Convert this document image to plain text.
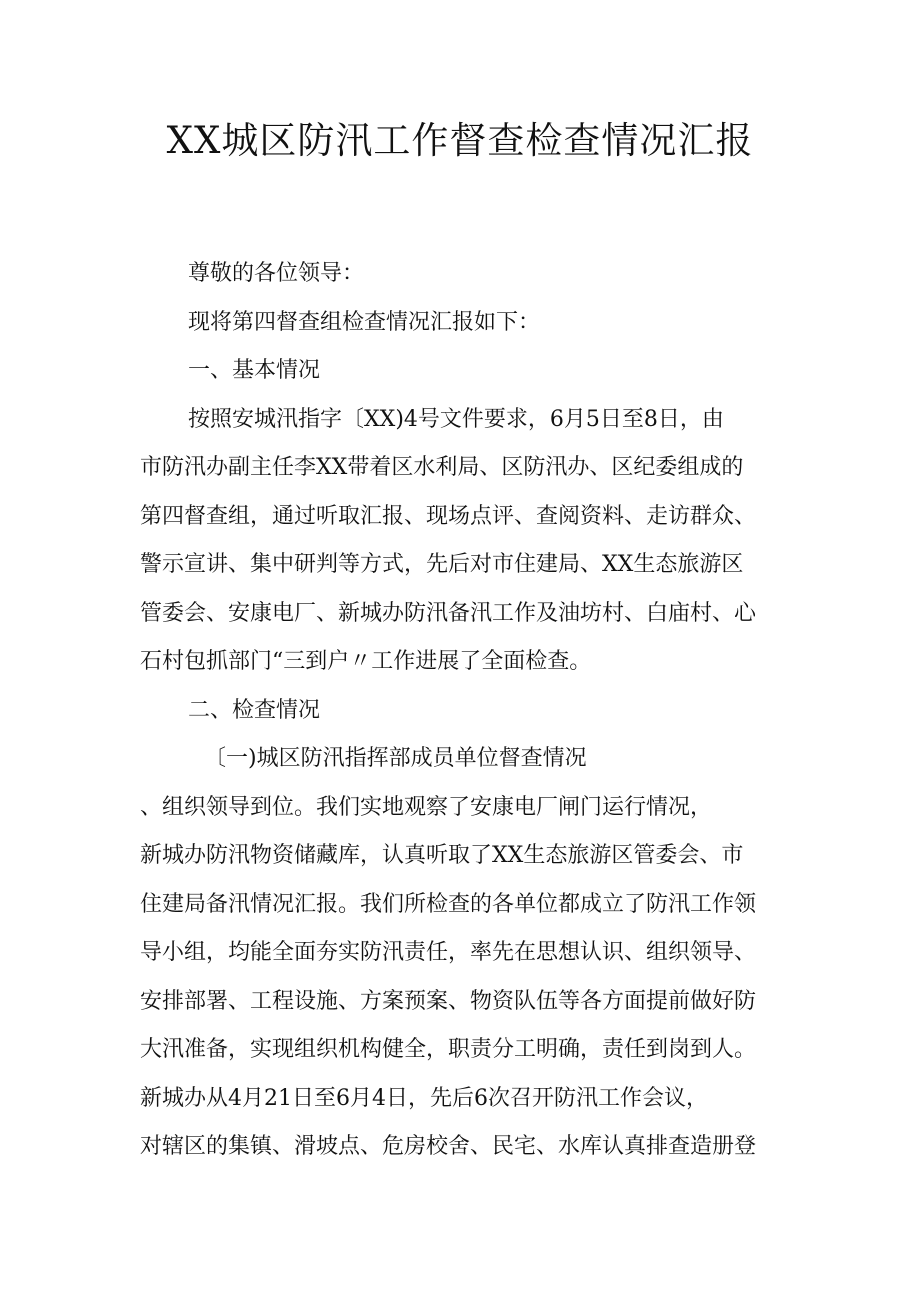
XX城区防汛工作督查检查情况汇报
尊敬的各位领导：
现将第四督查组检查情况汇报如下：
一、基本情况
按照安城汛指字〔XX)4号文件要求，6月5日至8日，由
市防汛办副主任李XX带着区水利局、区防汛办、区纪委组成的
第四督查组，通过听取汇报、现场点评、查阅资料、走访群众、
警示宣讲、集中研判等方式，先后对市住建局、XX生态旅游区
管委会、安康电厂、新城办防汛备汛工作及油坊村、白庙村、心
石村包抓部门“三到户〃工作进展了全面检查。
二、检查情况
〔一)城区防汛指挥部成员单位督查情况
、组织领导到位。我们实地观察了安康电厂闸门运行情况，
新城办防汛物资储藏库，认真听取了XX生态旅游区管委会、市
住建局备汛情况汇报。我们所检查的各单位都成立了防汛工作领
导小组，均能全面夯实防汛责任，率先在思想认识、组织领导、
安排部署、工程设施、方案预案、物资队伍等各方面提前做好防
大汛准备，实现组织机构健全，职责分工明确，责任到岗到人。
新城办从4月21日至6月4日，先后6次召开防汛工作会议，
对辖区的集镇、滑坡点、危房校舍、民宅、水库认真排查造册登
